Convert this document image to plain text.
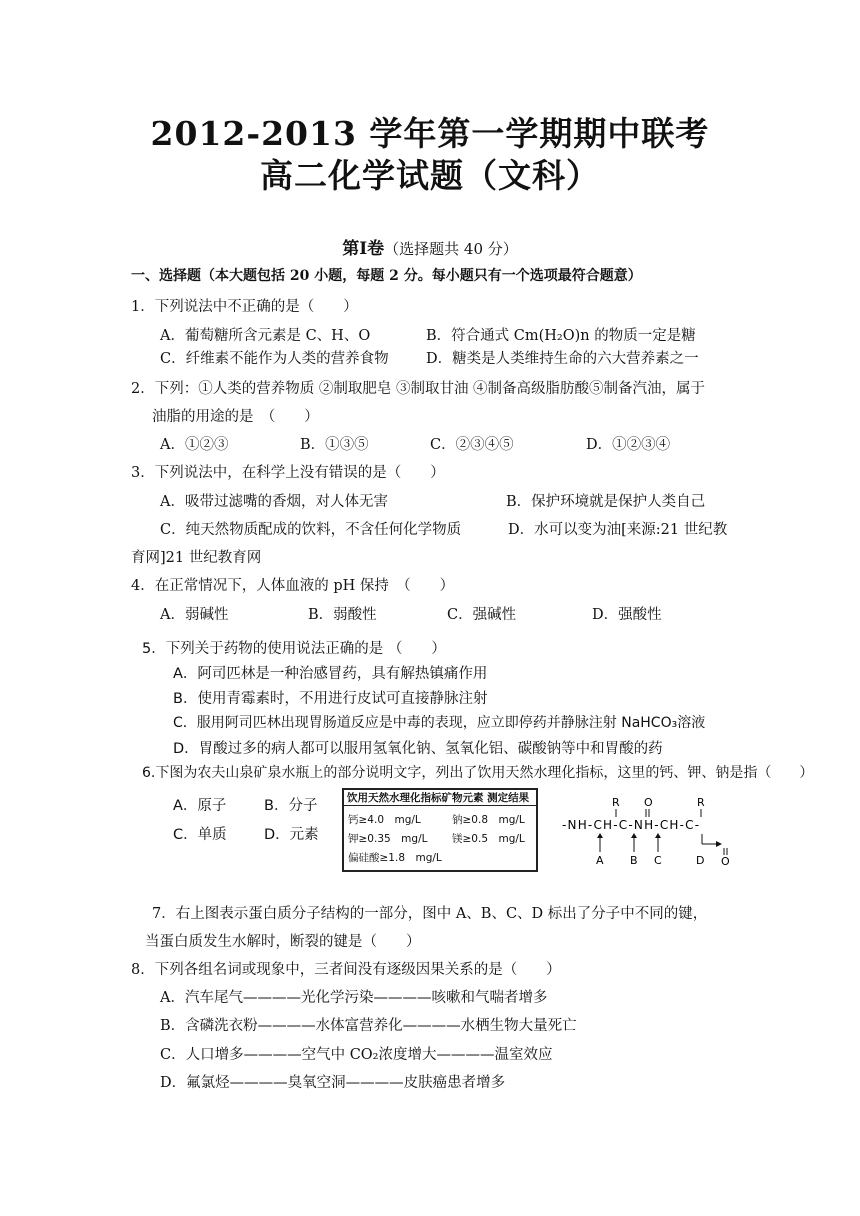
2012-2013 学年第一学期期中联考
高二化学试题（文科）
第Ⅰ卷（选择题共 40 分）
一、选择题（本大题包括 20 小题，每题 2 分。每小题只有一个选项最符合题意）
1．下列说法中不正确的是（　　）
A．葡萄糖所含元素是 C、H、O	B．符合通式 Cm(H₂O)n 的物质一定是糖
C．纤维素不能作为人类的营养食物	D．糖类是人类维持生命的六大营养素之一
2．下列：①人类的营养物质 ②制取肥皂 ③制取甘油 ④制备高级脂肪酸⑤制备汽油，属于
油脂的用途的是　（　　）
A．①②③	B．①③⑤	C．②③④⑤	D．①②③④
3．下列说法中，在科学上没有错误的是（　　）
A．吸带过滤嘴的香烟，对人体无害	B．保护环境就是保护人类自己
C．纯天然物质配成的饮料，不含任何化学物质	D．水可以变为油[来源:21 世纪教
育网]21 世纪教育网
4．在正常情况下，人体血液的 pH 保持　（　　）
A．弱碱性	B．弱酸性	C．强碱性	D．强酸性
5．下列关于药物的使用说法正确的是 （　　）
A．阿司匹林是一种治感冒药，具有解热镇痛作用
B．使用青霉素时，不用进行皮试可直接静脉注射
C．服用阿司匹林出现胃肠道反应是中毒的表现，应立即停药并静脉注射 NaHCO₃溶液
D．胃酸过多的病人都可以服用氢氧化钠、氢氧化铝、碳酸钠等中和胃酸的药
6.下图为农夫山泉矿泉水瓶上的部分说明文字，列出了饮用天然水理化指标，这里的钙、钾、钠是指（　　）
A．原子	B．分子
C．单质	D．元素
饮用天然水理化指标矿物元素 测定结果
钙≥4.0　mg/L	钠≥0.8　mg/L
钾≥0.35　mg/L 镁≥0.5　mg/L
偏硅酸≥1.8　mg/L
R O	R
-NH-CH-C-NH-CH-C-
A B C	D O
7．右上图表示蛋白质分子结构的一部分，图中 A、B、C、D 标出了分子中不同的键，
当蛋白质发生水解时，断裂的键是（　　）
8．下列各组名词或现象中，三者间没有逐级因果关系的是（　　）
A．汽车尾气————光化学污染————咳嗽和气喘者增多
B．含磷洗衣粉————水体富营养化————水栖生物大量死亡
C．人口增多————空气中 CO₂浓度增大————温室效应
D．氟氯烃————臭氧空洞————皮肤癌患者增多
